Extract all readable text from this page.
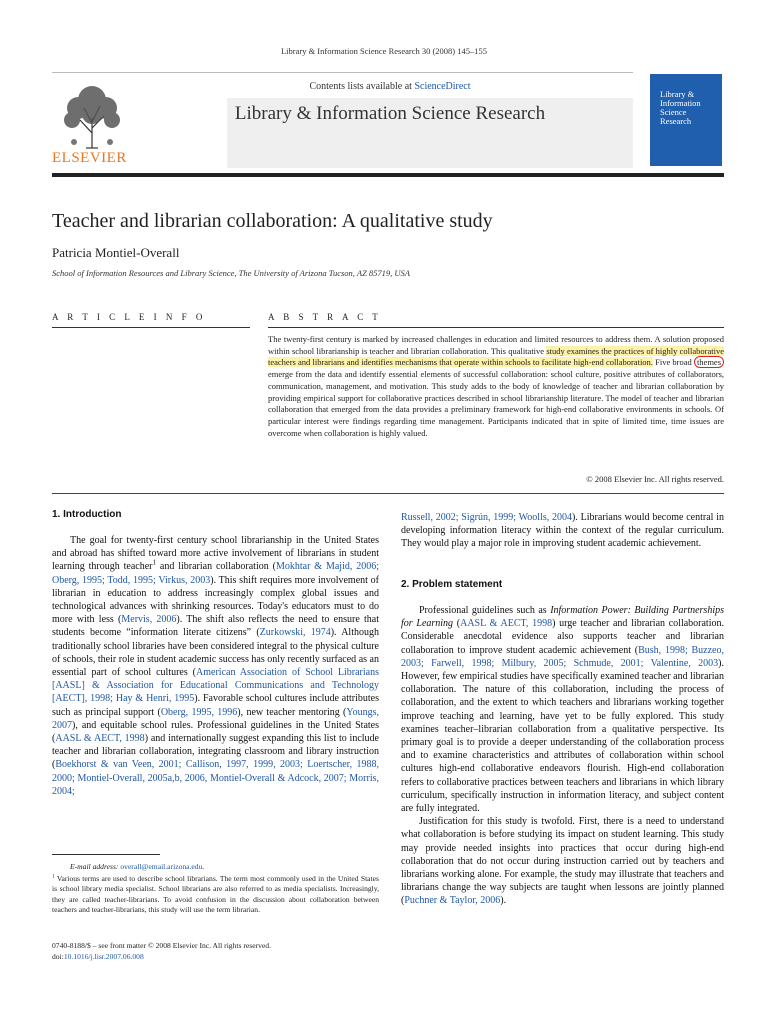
Library & Information Science Research 30 (2008) 145–155
Contents lists available at ScienceDirect
Library & Information Science Research
ELSEVIER
Library & Information Science Research
Teacher and librarian collaboration: A qualitative study
Patricia Montiel-Overall
School of Information Resources and Library Science, The University of Arizona Tucson, AZ 85719, USA
A R T I C L E I N F O	A B S T R A C T
The twenty-first century is marked by increased challenges in education and limited resources to address them. A solution proposed within school librarianship is teacher and librarian collaboration. This qualitative study examines the practices of highly collaborative teachers and librarians and identifies mechanisms that operate within schools to facilitate high-end collaboration. Five broad themes emerge from the data and identify essential elements of successful collaboration: school culture, positive attributes of collaborators, communication, management, and motivation. This study adds to the body of knowledge of teacher and librarian collaboration by providing empirical support for collaborative practices described in school librarianship literature. The model of teacher and librarian collaboration that emerged from the data provides a preliminary framework for high-end collaborative environments in schools. Of particular interest were findings regarding time management. Participants indicated that in spite of limited time, time issues are overcome when collaboration is highly valued.
© 2008 Elsevier Inc. All rights reserved.
1. Introduction

The goal for twenty-first century school librarianship in the United States and abroad has shifted toward more active involvement of librarians in student learning through teacher$^1$ and librarian collaboration (Mokhtar & Majid, 2006; Oberg, 1995; Todd, 1995; Virkus, 2003). This shift requires more involvement of librarian in education to address increasingly complex global issues and technological advances with shrinking resources. Today's educators must to do more with less (Mervis, 2006). The shift also reflects the need to ensure that students become “information literate citizens” (Zurkowski, 1974). Although traditionally school libraries have been considered integral to the physical culture of schools, their role in student academic success has only recently surfaced as an essential part of school cultures (American Association of School Librarians [AASL] & Association for Educational Communications and Technology [AECT], 1998; Hay & Henri, 1995). Favorable school cultures include attributes such as principal support (Oberg, 1995, 1996), new teacher mentoring (Youngs, 2007), and equitable school rules. Professional guidelines in the United States (AASL & AECT, 1998) and internationally suggest expanding this list to include teacher and librarian collaboration, integrating classroom and library instruction (Boekhorst & van Veen, 2001; Callison, 1997, 1999, 2003; Loertscher, 1988, 2000; Montiel-Overall, 2005a,b, 2006, Montiel-Overall & Adcock, 2007; Morris, 2004;

Russell, 2002; Sigrún, 1999; Woolls, 2004). Librarians would become central in developing information literacy within the context of the regular curriculum. They would play a major role in improving student academic achievement.

2. Problem statement

Professional guidelines such as Information Power: Building Partnerships for Learning (AASL & AECT, 1998) urge teacher and librarian collaboration. Considerable anecdotal evidence also supports teacher and librarian collaboration to improve student academic achievement (Bush, 1998; Buzzeo, 2003; Farwell, 1998; Milbury, 2005; Schmude, 2001; Valentine, 2003). However, few empirical studies have specifically examined teacher and librarian collaboration. The nature of this collaboration, including the process of collaboration, and the extent to which teachers and librarians working together improve teaching and learning, have yet to be fully explored. This study examines teacher–librarian collaboration from a qualitative perspective. Its primary goal is to provide a deeper understanding of the collaboration process and to examine characteristics and attributes of collaboration within school cultures high-end collaborative endeavors flourish. High-end collaboration refers to collaborative practices between teachers and librarians in which library curriculum, specifically instruction in information literacy, and subject content are fully integrated.

Justification for this study is twofold. First, there is a need to understand what collaboration is before studying its impact on student learning. This study may provide needed insights into practices that occur during high-end collaboration that do not occur during instruction carried out by teachers and librarians working alone. For example, the study may illustrate that teachers and librarians change the way subjects are taught when lessons are jointly planned (Puchner & Taylor, 2006).

E-mail address: overall@email.arizona.edu.
$^1$ Various terms are used to describe school librarians. The term most commonly used in the United States is school library media specialist. School librarians are also referred to as media specialists. Increasingly, they are called teacher-librarians. To avoid confusion in the discussion about collaboration between teachers and teacher-librarians, this study will use the term librarian.
0740-8188/$ – see front matter © 2008 Elsevier Inc. All rights reserved.
doi:10.1016/j.lisr.2007.06.008
